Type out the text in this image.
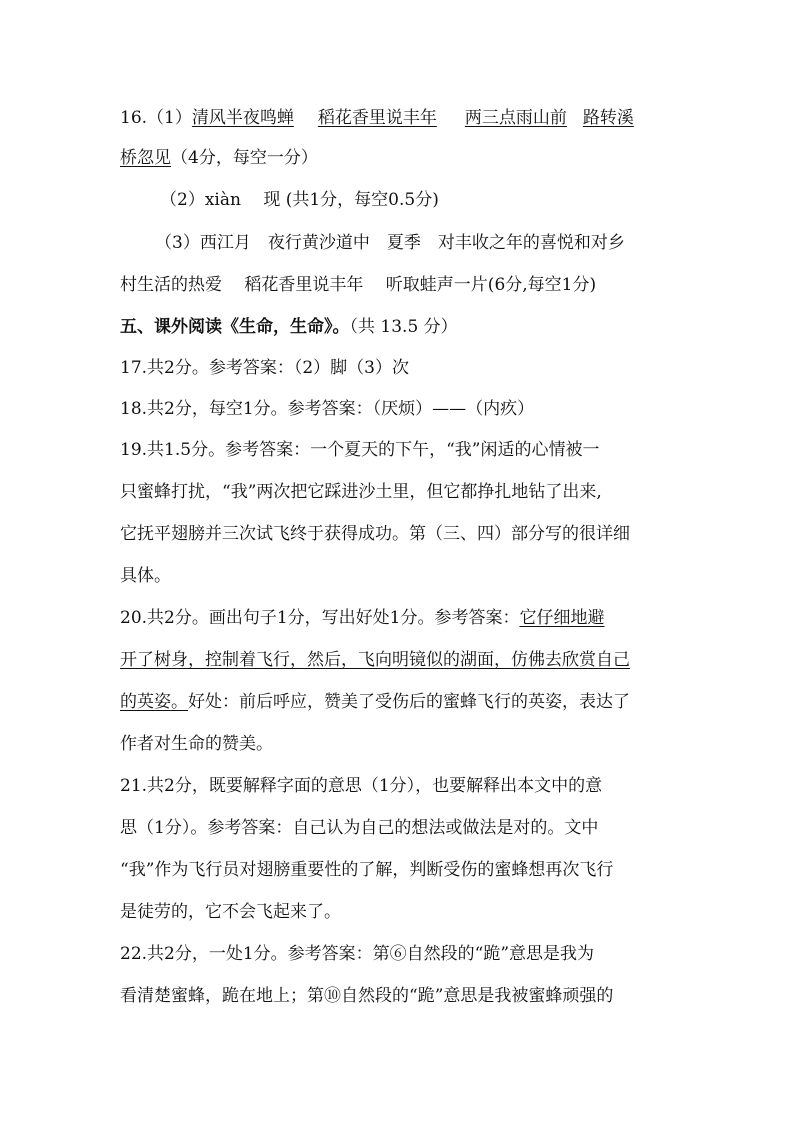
16.（1）清风半夜鸣蝉 稻花香里说丰年 两三点雨山前 路转溪
桥忽见（4分，每空一分）
（2）xiàn　 现 (共1分，每空0.5分)
（3）西江月　夜行黄沙道中　夏季　对丰收之年的喜悦和对乡
村生活的热爱　 稻花香里说丰年　 听取蛙声一片(6分,每空1分)
五、课外阅读《生命，生命》。（共 13.5 分）
17.共2分。参考答案：（2）脚（3）次
18.共2分，每空1分。参考答案：（厌烦）——（内疚）
19.共1.5分。参考答案：一个夏天的下午，“我”闲适的心情被一
只蜜蜂打扰，“我”两次把它踩进沙土里，但它都挣扎地钻了出来,
它抚平翅膀并三次试飞终于获得成功。第（三、四）部分写的很详细
具体。
20.共2分。画出句子1分，写出好处1分。参考答案：它仔细地避
开了树身，控制着飞行，然后，飞向明镜似的湖面，仿佛去欣赏自己
的英姿。好处：前后呼应，赞美了受伤后的蜜蜂飞行的英姿，表达了
作者对生命的赞美。
21.共2分，既要解释字面的意思（1分），也要解释出本文中的意
思（1分）。参考答案：自己认为自己的想法或做法是对的。文中
“我”作为飞行员对翅膀重要性的了解，判断受伤的蜜蜂想再次飞行
是徒劳的，它不会飞起来了。
22.共2分，一处1分。参考答案：第⑥自然段的“跪”意思是我为
看清楚蜜蜂，跪在地上；第⑩自然段的“跪”意思是我被蜜蜂顽强的
